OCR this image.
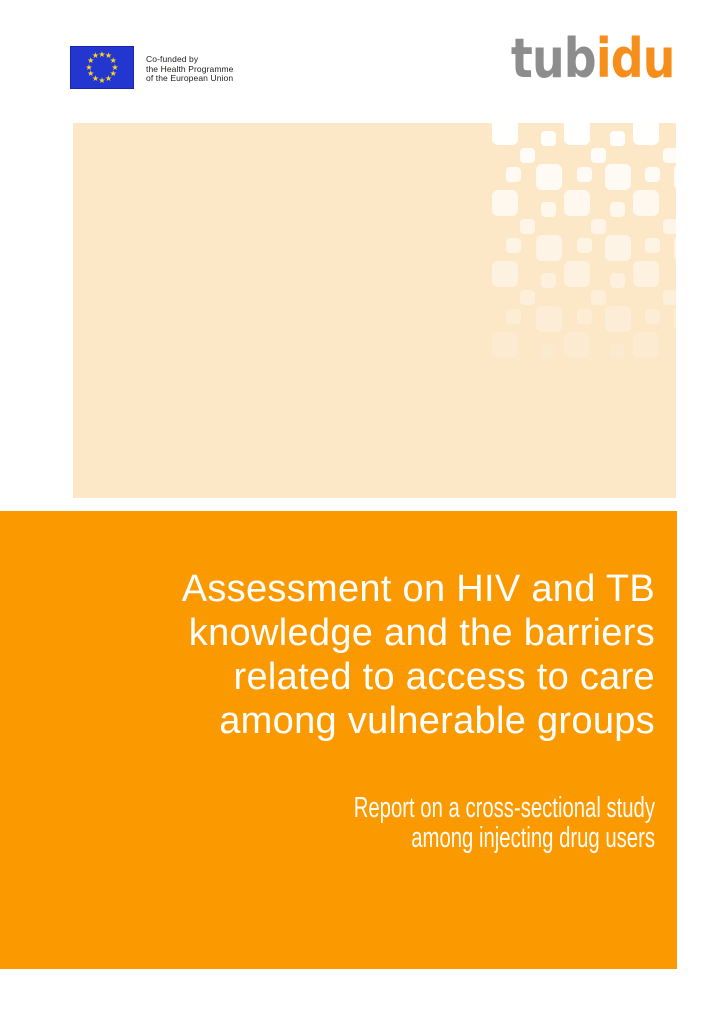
★ ★
★
★
★
★
★
★
★
★
★
★	Co-funded by
the Health Programme
of the European Union	tubidu
Assessment on HIV and TB
knowledge and the barriers
related to access to care
among vulnerable groups

Report on a cross-sectional study
among injecting drug users
